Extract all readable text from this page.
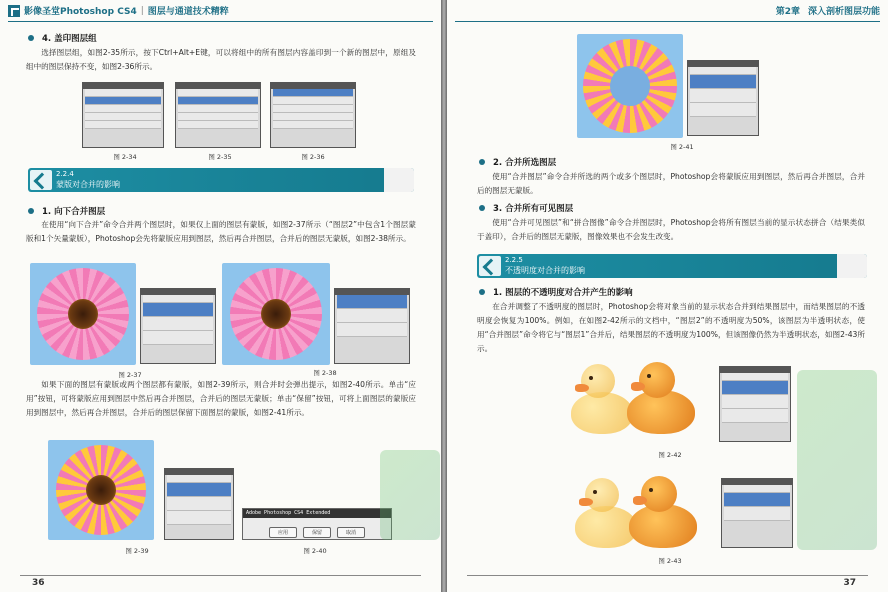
影像圣堂Photoshop CS4 | 图层与通道技术精粹
4. 盖印图层组
选择图层组，如图2-35所示，按下Ctrl+Alt+E键，可以将组中的所有图层内容盖印到一个新的图层中，原组及组中的图层保持不变，如图2-36所示。
图 2-34	图 2-35	图 2-36
2.2.4
蒙版对合并的影响
1. 向下合并图层
在使用“向下合并”命令合并两个图层时，如果仅上面的图层有蒙版，如图2-37所示（“图层2”中包含1个图层蒙版和1个矢量蒙版），Photoshop会先将蒙版应用到图层，然后再合并图层，合并后的图层无蒙版，如图2-38所示。
图 2-37	图 2-38
如果下面的图层有蒙版或两个图层都有蒙版，如图2-39所示，则合并时会弹出提示，如图2-40所示。单击“应用”按钮，可将蒙版应用到图层中然后再合并图层，合并后的图层无蒙版；单击“保留”按钮，可将上面图层的蒙版应用到图层中，然后再合并图层，合并后的图层保留下面图层的蒙版，如图2-41所示。
Adobe Photoshop CS4 Extended
应用	保留	取消
图 2-39	图 2-40
36
第2章 深入剖析图层功能
图 2-41
2. 合并所选图层
使用“合并图层”命令合并所选的两个或多个图层时，Photoshop会将蒙版应用到图层，然后再合并图层，合并后的图层无蒙版。
3. 合并所有可见图层
使用“合并可见图层”和“拼合图像”命令合并图层时，Photoshop会将所有图层当前的显示状态拼合（结果类似于盖印），合并后的图层无蒙版，图像效果也不会发生改变。
2.2.5
不透明度对合并的影响
1. 图层的不透明度对合并产生的影响
在合并调整了不透明度的图层时，Photoshop会将对象当前的显示状态合并到结果图层中，而结果图层的不透明度会恢复为100%。例如，在如图2-42所示的文档中，“图层2”的不透明度为50%，该图层为半透明状态，使用“合并图层”命令将它与“图层1”合并后，结果图层的不透明度为100%，但该图像仍然为半透明状态，如图2-43所示。
图 2-42
图 2-43
37
